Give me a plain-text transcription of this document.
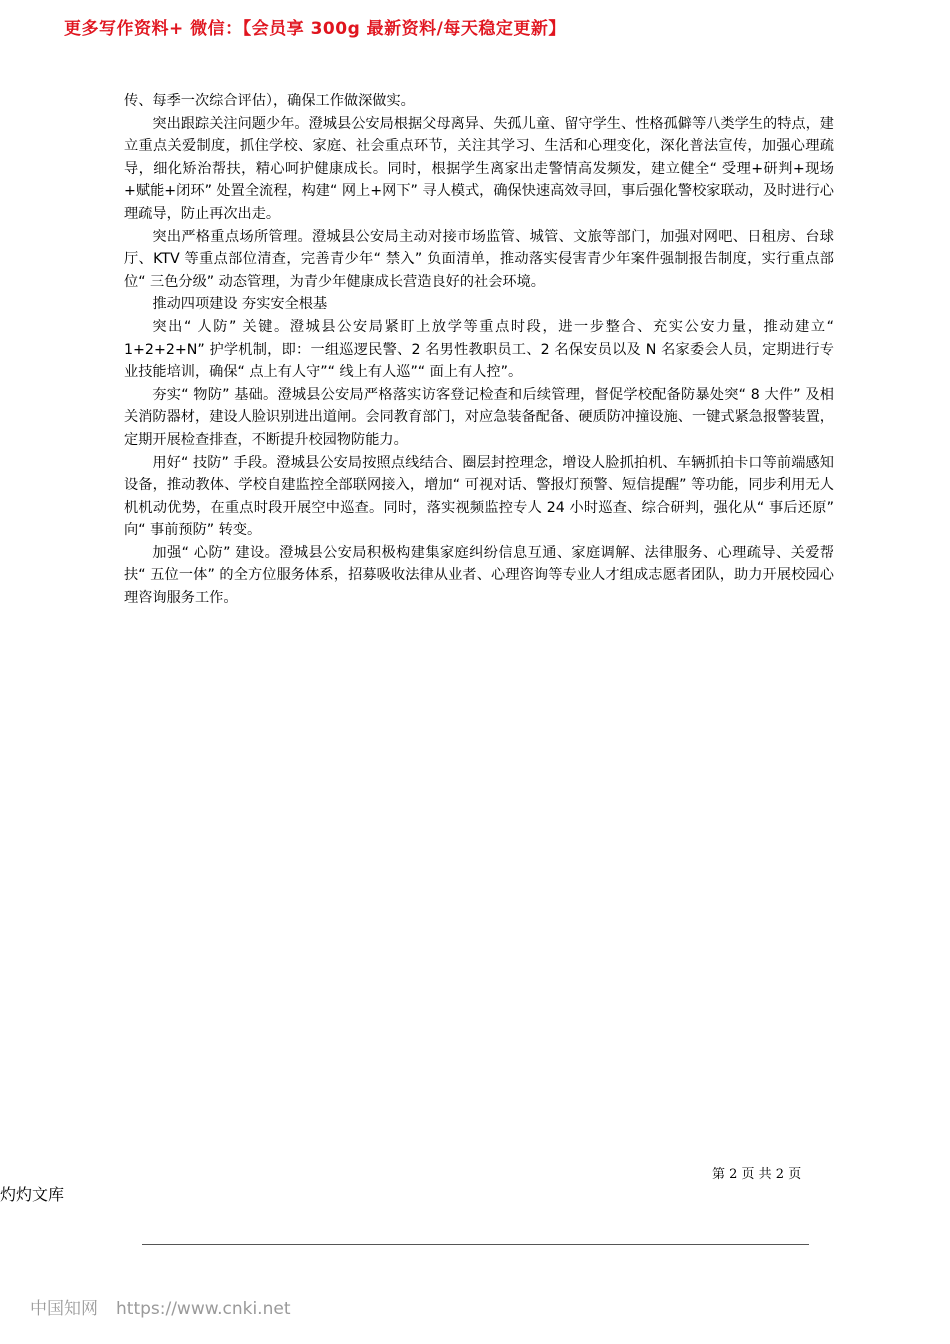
更多写作资料+ 微信：【会员享 300g 最新资料/每天稳定更新】

传、每季一次综合评估），确保工作做深做实。

突出跟踪关注问题少年。澄城县公安局根据父母离异、失孤儿童、留守学生、性格孤僻等八类学生的特点，建立重点关爱制度，抓住学校、家庭、社会重点环节，关注其学习、生活和心理变化，深化普法宣传，加强心理疏导，细化矫治帮扶，精心呵护健康成长。同时，根据学生离家出走警情高发频发，建立健全“ 受理+研判+现场+赋能+闭环” 处置全流程，构建“ 网上+网下” 寻人模式，确保快速高效寻回，事后强化警校家联动，及时进行心理疏导，防止再次出走。

突出严格重点场所管理。澄城县公安局主动对接市场监管、城管、文旅等部门，加强对网吧、日租房、台球厅、KTV 等重点部位清查，完善青少年“ 禁入” 负面清单，推动落实侵害青少年案件强制报告制度，实行重点部位“ 三色分级” 动态管理，为青少年健康成长营造良好的社会环境。

推动四项建设 夯实安全根基

突出“ 人防” 关键。澄城县公安局紧盯上放学等重点时段，进一步整合、充实公安力量，推动建立“ 1+2+2+N” 护学机制，即：一组巡逻民警、2 名男性教职员工、2 名保安员以及 N 名家委会人员，定期进行专业技能培训，确保“ 点上有人守”“ 线上有人巡”“ 面上有人控”。

夯实“ 物防” 基础。澄城县公安局严格落实访客登记检查和后续管理，督促学校配备防暴处突“ 8 大件” 及相关消防器材，建设人脸识别进出道闸。会同教育部门，对应急装备配备、硬质防冲撞设施、一键式紧急报警装置，定期开展检查排查，不断提升校园物防能力。

用好“ 技防” 手段。澄城县公安局按照点线结合、圈层封控理念，增设人脸抓拍机、车辆抓拍卡口等前端感知设备，推动教体、学校自建监控全部联网接入，增加“ 可视对话、警报灯预警、短信提醒” 等功能，同步利用无人机机动优势，在重点时段开展空中巡查。同时，落实视频监控专人 24 小时巡查、综合研判，强化从“ 事后还原” 向“ 事前预防” 转变。

加强“ 心防” 建设。澄城县公安局积极构建集家庭纠纷信息互通、家庭调解、法律服务、心理疏导、关爱帮扶“ 五位一体” 的全方位服务体系，招募吸收法律从业者、心理咨询等专业人才组成志愿者团队，助力开展校园心理咨询服务工作。

第 2 页 共 2 页
灼灼文库
中国知网 https://www.cnki.net
